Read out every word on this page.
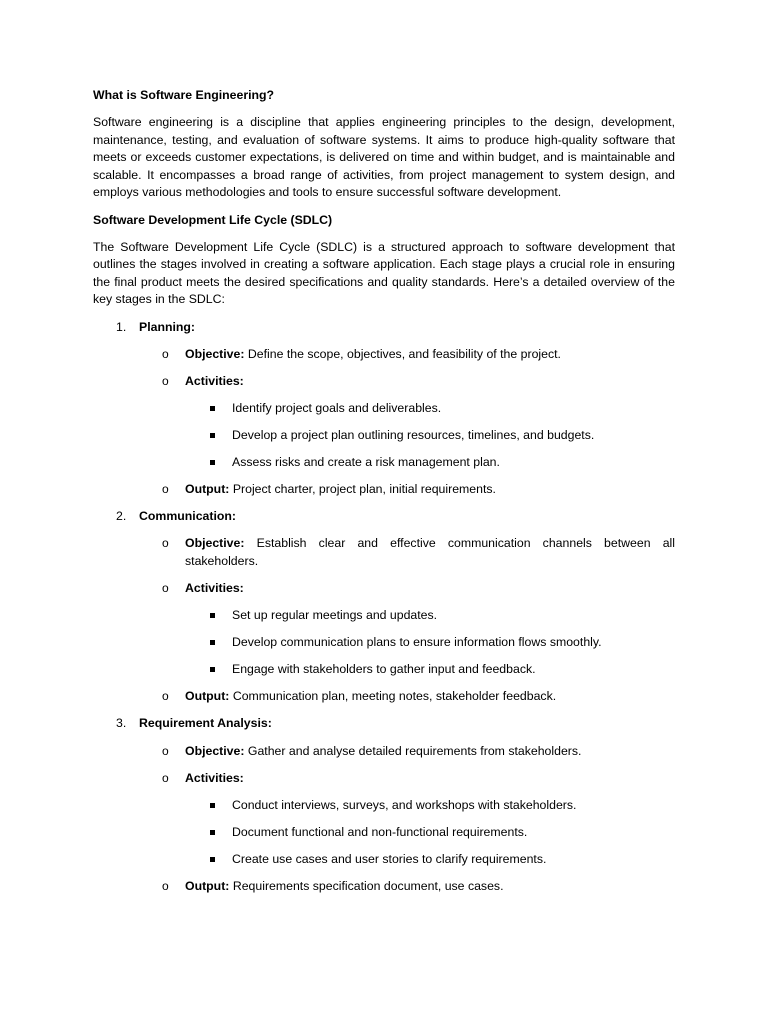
What is Software Engineering?

Software engineering is a discipline that applies engineering principles to the design, development, maintenance, testing, and evaluation of software systems. It aims to produce high-quality software that meets or exceeds customer expectations, is delivered on time and within budget, and is maintainable and scalable. It encompasses a broad range of activities, from project management to system design, and employs various methodologies and tools to ensure successful software development.

Software Development Life Cycle (SDLC)

The Software Development Life Cycle (SDLC) is a structured approach to software development that outlines the stages involved in creating a software application. Each stage plays a crucial role in ensuring the final product meets the desired specifications and quality standards. Here’s a detailed overview of the key stages in the SDLC:

1. Planning:
o Objective: Define the scope, objectives, and feasibility of the project.
o Activities:
Identify project goals and deliverables.
Develop a project plan outlining resources, timelines, and budgets.
Assess risks and create a risk management plan.
o Output: Project charter, project plan, initial requirements.
2. Communication:
o Objective: Establish clear and effective communication channels between all stakeholders.
o Activities:
Set up regular meetings and updates.
Develop communication plans to ensure information flows smoothly.
Engage with stakeholders to gather input and feedback.
o Output: Communication plan, meeting notes, stakeholder feedback.
3. Requirement Analysis:
o Objective: Gather and analyse detailed requirements from stakeholders.
o Activities:
Conduct interviews, surveys, and workshops with stakeholders.
Document functional and non-functional requirements.
Create use cases and user stories to clarify requirements.
o Output: Requirements specification document, use cases.
